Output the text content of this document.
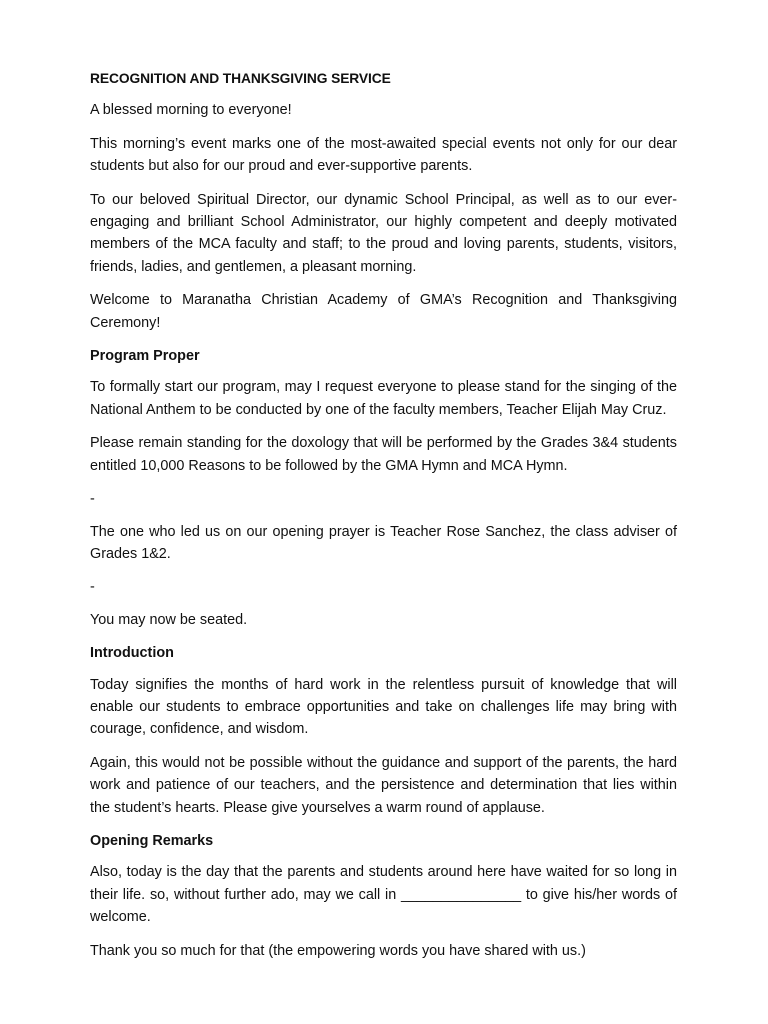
RECOGNITION AND THANKSGIVING SERVICE

A blessed morning to everyone!

This morning’s event marks one of the most-awaited special events not only for our dear students but also for our proud and ever-supportive parents.

To our beloved Spiritual Director, our dynamic School Principal, as well as to our ever-engaging and brilliant School Administrator, our highly competent and deeply motivated members of the MCA faculty and staff; to the proud and loving parents, students, visitors, friends, ladies, and gentlemen, a pleasant morning.

Welcome to Maranatha Christian Academy of GMA’s Recognition and Thanksgiving Ceremony!

Program Proper

To formally start our program, may I request everyone to please stand for the singing of the National Anthem to be conducted by one of the faculty members, Teacher Elijah May Cruz.

Please remain standing for the doxology that will be performed by the Grades 3&4 students entitled 10,000 Reasons to be followed by the GMA Hymn and MCA Hymn.

-

The one who led us on our opening prayer is Teacher Rose Sanchez, the class adviser of Grades 1&2.

-

You may now be seated.

Introduction

Today signifies the months of hard work in the relentless pursuit of knowledge that will enable our students to embrace opportunities and take on challenges life may bring with courage, confidence, and wisdom.

Again, this would not be possible without the guidance and support of the parents, the hard work and patience of our teachers, and the persistence and determination that lies within the student’s hearts. Please give yourselves a warm round of applause.

Opening Remarks

Also, today is the day that the parents and students around here have waited for so long in their life. so, without further ado, may we call in _______________ to give his/her words of welcome.

Thank you so much for that (the empowering words you have shared with us.)
